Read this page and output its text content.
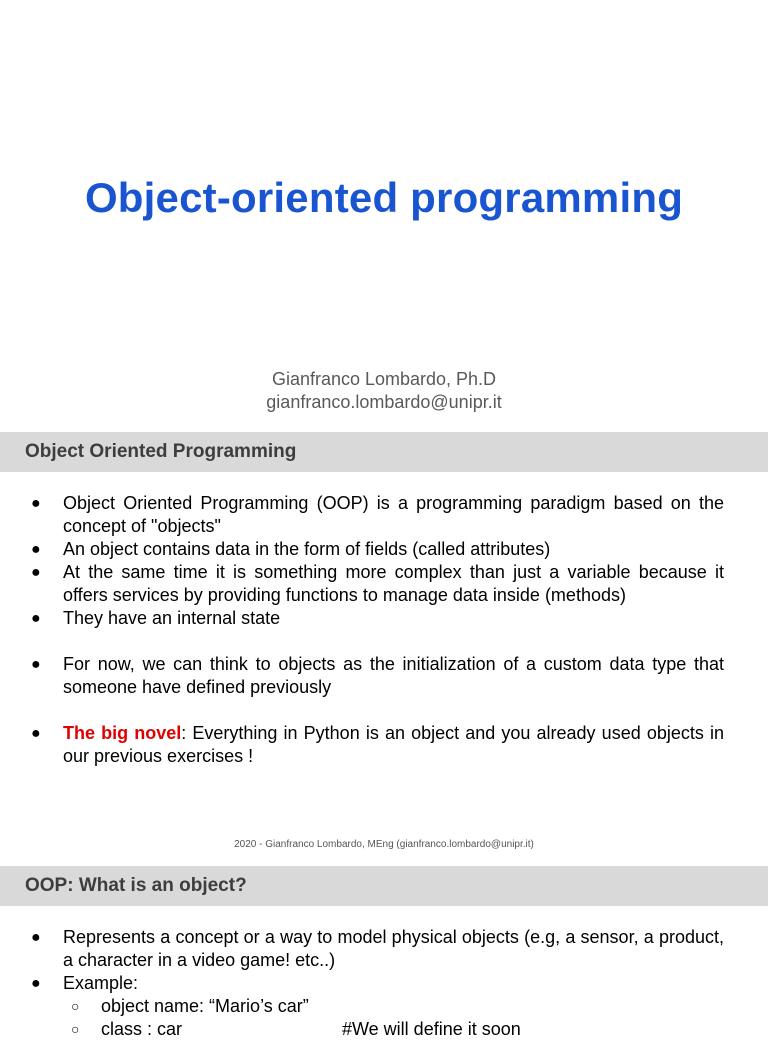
Object-oriented programming
Gianfranco Lombardo, Ph.D
gianfranco.lombardo@unipr.it
Object Oriented Programming
● Object Oriented Programming (OOP) is a programming paradigm based on the concept of "objects"
● An object contains data in the form of fields (called attributes)
● At the same time it is something more complex than just a variable because it offers services by providing functions to manage data inside (methods)
● They have an internal state
● For now, we can think to objects as the initialization of a custom data type that someone have defined previously
● The big novel: Everything in Python is an object and you already used objects in our previous exercises !
2020 - Gianfranco Lombardo, MEng (gianfranco.lombardo@unipr.it)
OOP: What is an object?
● Represents a concept or a way to model physical objects (e.g, a sensor, a product, a character in a video game! etc..)
● Example:
○ object name: “Mario’s car”
○ class : car	#We will define it soon
